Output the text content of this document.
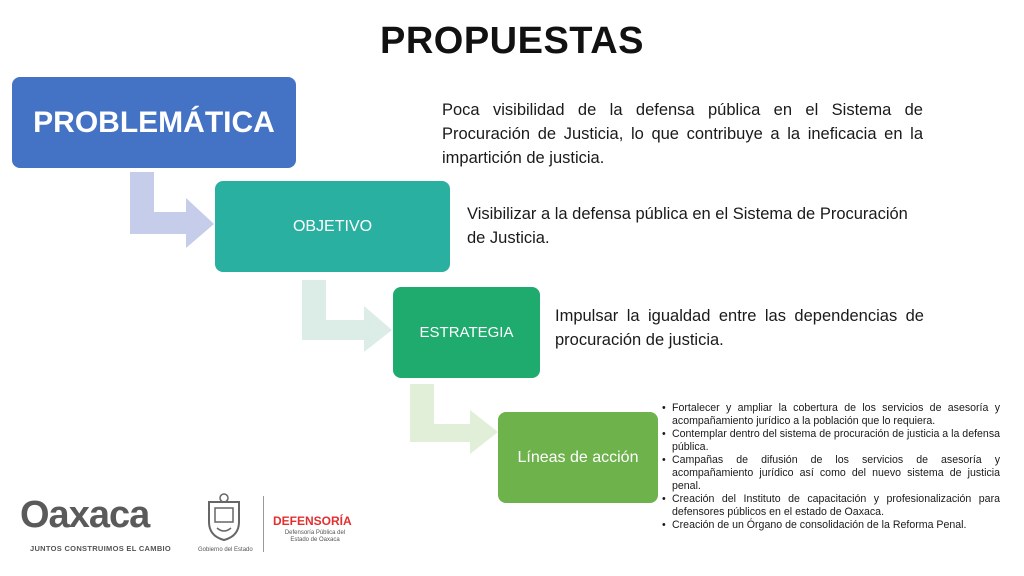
PROPUESTAS
PROBLEMÁTICA
OBJETIVO
ESTRATEGIA
Líneas de acción
Poca visibilidad de la defensa pública en el Sistema de Procuración de Justicia, lo que contribuye a la ineficacia en la impartición de justicia.
Visibilizar a la defensa pública en el Sistema de Procuración de Justicia.
Impulsar la igualdad entre las dependencias de procuración de justicia.
• Fortalecer y ampliar la cobertura de los servicios de asesoría y acompañamiento jurídico a la población que lo requiera.
• Contemplar dentro del sistema de procuración de justicia a la defensa pública.
• Campañas de difusión de los servicios de asesoría y acompañamiento jurídico así como del nuevo sistema de justicia penal.
• Creación del Instituto de capacitación y profesionalización para defensores públicos en el estado de Oaxaca.
• Creación de un Órgano de consolidación de la Reforma Penal.
Oaxaca
JUNTOS CONSTRUIMOS EL CAMBIO	Gobierno del Estado
DEFENSORÍA
Defensoría Pública del Estado de Oaxaca
